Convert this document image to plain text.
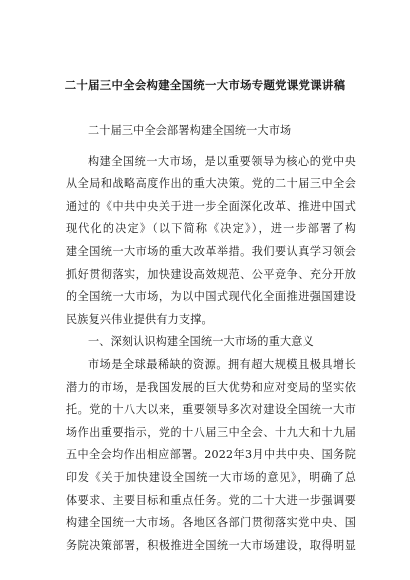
二十届三中全会构建全国统一大市场专题党课党课讲稿
二十届三中全会部署构建全国统一大市场
构建全国统一大市场，是以重要领导为核心的党中央
从全局和战略高度作出的重大决策。党的二十届三中全会
通过的《中共中央关于进一步全面深化改革、推进中国式
现代化的决定》（以下简称《决定》），进一步部署了构
建全国统一大市场的重大改革举措。我们要认真学习领会
抓好贯彻落实，加快建设高效规范、公平竞争、充分开放
的全国统一大市场，为以中国式现代化全面推进强国建设
民族复兴伟业提供有力支撑。
一、深刻认识构建全国统一大市场的重大意义
市场是全球最稀缺的资源。拥有超大规模且极具增长
潜力的市场，是我国发展的巨大优势和应对变局的坚实依
托。党的十八大以来，重要领导多次对建设全国统一大市
场作出重要指示，党的十八届三中全会、十九大和十九届
五中全会均作出相应部署。2022年3月中共中央、国务院
印发《关于加快建设全国统一大市场的意见》，明确了总
体要求、主要目标和重点任务。党的二十大进一步强调要
构建全国统一大市场。各地区各部门贯彻落实党中央、国
务院决策部署，积极推进全国统一大市场建设，取得明显
